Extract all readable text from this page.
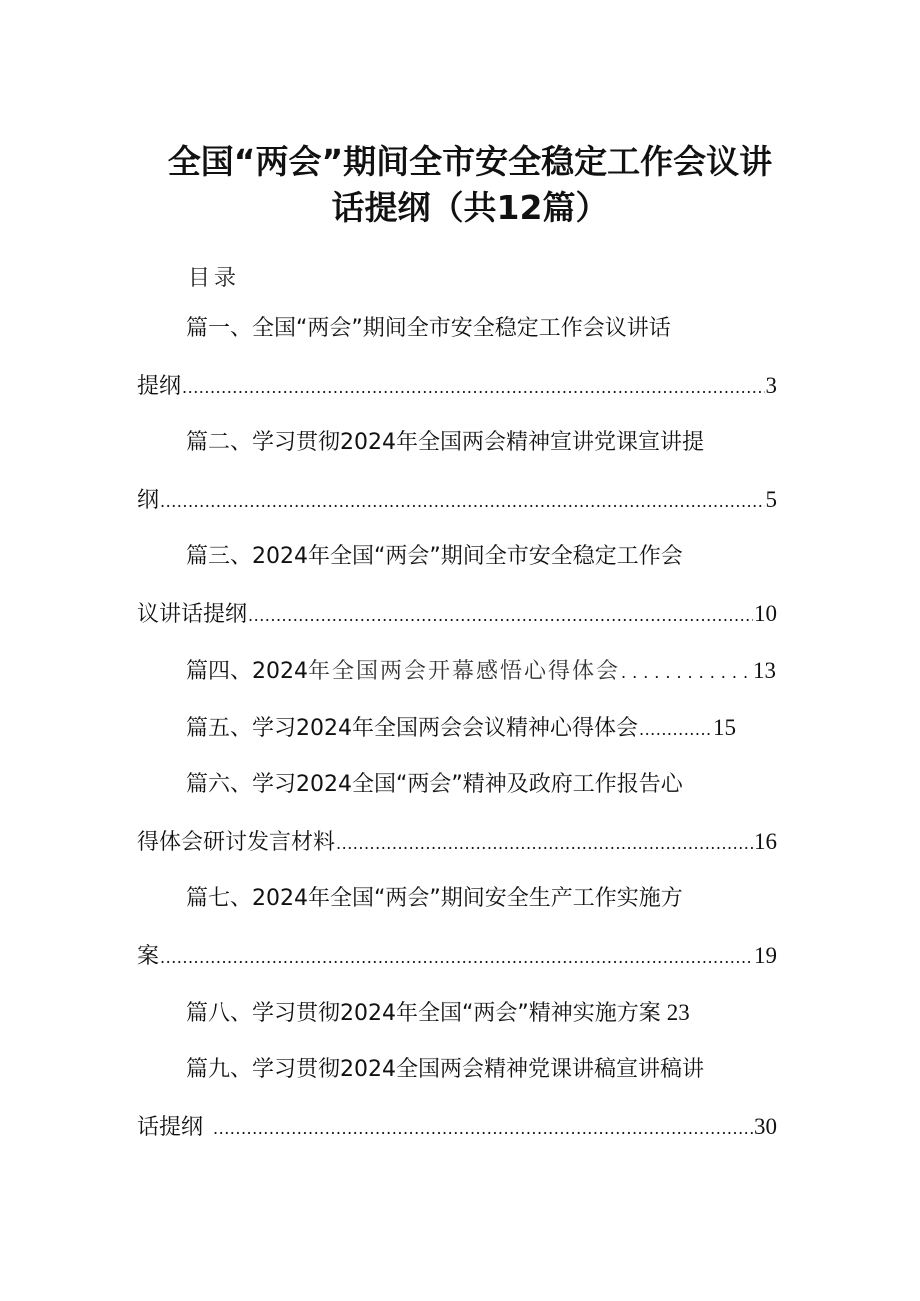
全国“两会”期间全市安全稳定工作会议讲
话提纲（共12篇）
目录
篇一、全国“两会”期间全市安全稳定工作会议讲话
提纲 .....	3
篇二、学习贯彻2024年全国两会精神宣讲党课宣讲提
纲 .....	5
篇三、2024年全国“两会”期间全市安全稳定工作会
议讲话提纲 .....	10
篇四、2024 年全国两会开幕感悟心得体会 .....	13
篇五、学习2024年全国两会会议精神心得体会 .....	15
篇六、学习2024全国“两会”精神及政府工作报告心
得体会研讨发言材料 .....	16
篇七、2024年全国“两会”期间安全生产工作实施方
案 .....	19
篇八、学习贯彻2024年全国“两会”精神实施方案 23
篇九、学习贯彻2024全国两会精神党课讲稿宣讲稿讲
话提纲 .....	30
